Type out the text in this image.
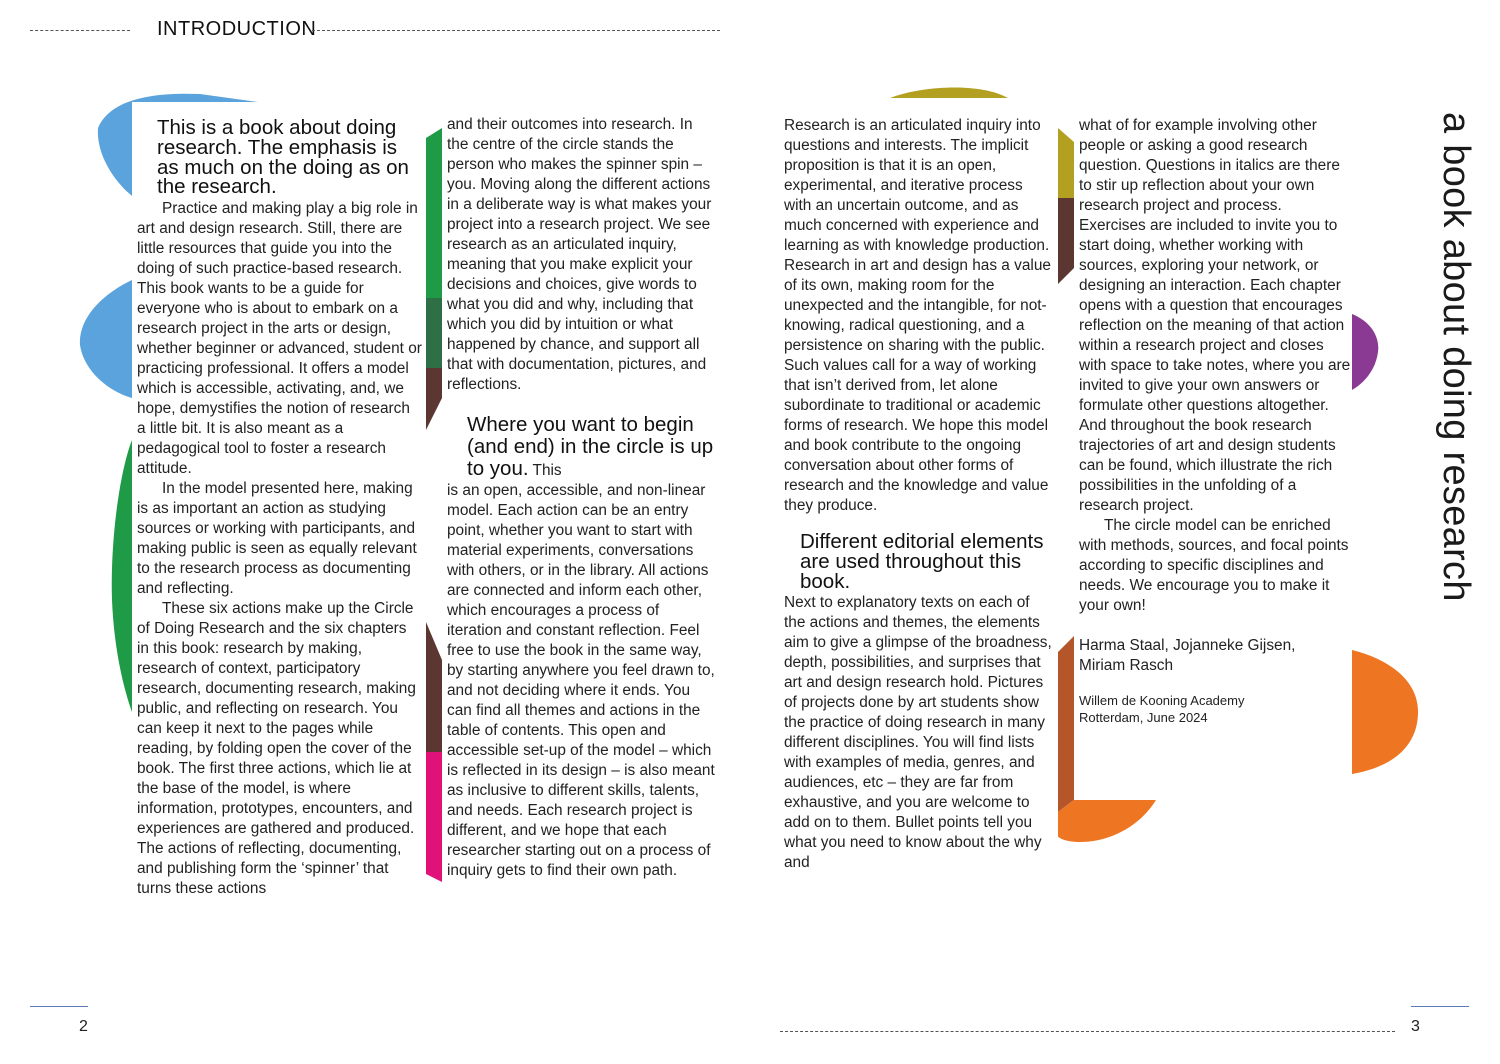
INTRODUCTION

This is a book about doing research. The emphasis is as much on the doing as on the research.

Practice and making play a big role in art and design research. Still, there are little resources that guide you into the doing of such practice-based research. This book wants to be a guide for everyone who is about to embark on a research project in the arts or design, whether beginner or advanced, student or practicing professional. It offers a model which is accessible, activating, and, we hope, demystifies the notion of research a little bit. It is also meant as a pedagogical tool to foster a research attitude.

In the model presented here, making is as important an action as studying sources or working with participants, and making public is seen as equally relevant to the research process as documenting and reflecting.

These six actions make up the Circle of Doing Research and the six chapters in this book: research by making, research of context, participatory research, documenting research, making public, and reflecting on research. You can keep it next to the pages while reading, by folding open the cover of the book. The first three actions, which lie at the base of the model, is where information, prototypes, encounters, and experiences are gathered and produced. The actions of reflecting, documenting, and publishing form the ‘spinner’ that turns these actions

and their outcomes into research. In the centre of the circle stands the person who makes the spinner spin – you. Moving along the different actions in a deliberate way is what makes your project into a research project. We see research as an articulated inquiry, meaning that you make explicit your decisions and choices, give words to what you did and why, including that which you did by intuition or what happened by chance, and support all that with documentation, pictures, and reflections.

Where you want to begin (and end) in the circle is up to you. This

is an open, accessible, and non-linear model. Each action can be an entry point, whether you want to start with material experiments, conversations with others, or in the library. All actions are connected and inform each other, which encourages a process of iteration and constant reflection. Feel free to use the book in the same way, by starting anywhere you feel drawn to, and not deciding where it ends. You can find all themes and actions in the table of contents. This open and accessible set-up of the model – which is reflected in its design – is also meant as inclusive to different skills, talents, and needs. Each research project is different, and we hope that each researcher starting out on a process of inquiry gets to find their own path.

Research is an articulated inquiry into questions and interests. The implicit proposition is that it is an open, experimental, and iterative process with an uncertain outcome, and as much concerned with experience and learning as with knowledge production. Research in art and design has a value of its own, making room for the unexpected and the intangible, for not-knowing, radical questioning, and a persistence on sharing with the public. Such values call for a way of working that isn’t derived from, let alone subordinate to traditional or academic forms of research. We hope this model and book contribute to the ongoing conversation about other forms of research and the knowledge and value they produce.

Different editorial elements are used throughout this book.

Next to explanatory texts on each of the actions and themes, the elements aim to give a glimpse of the broadness, depth, possibilities, and surprises that art and design research hold. Pictures of projects done by art students show the practice of doing research in many different disciplines. You will find lists with examples of media, genres, and audiences, etc – they are far from exhaustive, and you are welcome to add on to them. Bullet points tell you what you need to know about the why and

what of for example involving other people or asking a good research question. Questions in italics are there to stir up reflection about your own research project and process. Exercises are included to invite you to start doing, whether working with sources, exploring your network, or designing an interaction. Each chapter opens with a question that encourages reflection on the meaning of that action within a research project and closes with space to take notes, where you are invited to give your own answers or formulate other questions altogether. And throughout the book research trajectories of art and design students can be found, which illustrate the rich possibilities in the unfolding of a research project.

The circle model can be enriched with methods, sources, and focal points according to specific disciplines and needs. We encourage you to make it your own!

Harma Staal, Jojanneke Gijsen,

Miriam Rasch

Willem de Kooning Academy

Rotterdam, June 2024

a book about doing research
2	3
